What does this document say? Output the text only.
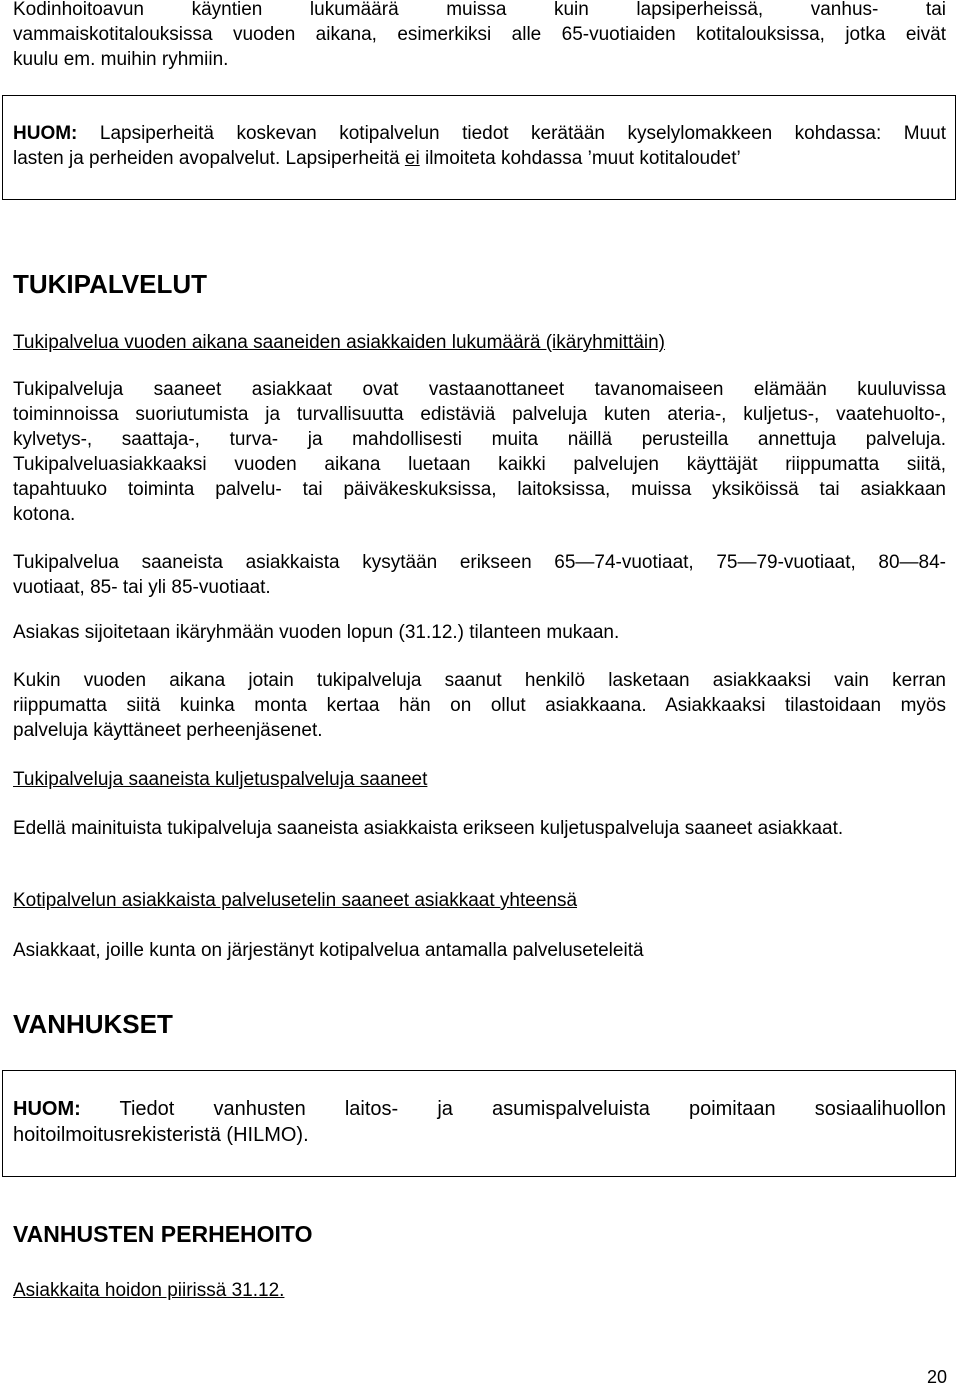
Kodinhoitoavun käyntien lukumäärä muissa kuin lapsiperheissä, vanhus- tai

vammaiskotitalouksissa vuoden aikana, esimerkiksi alle 65-vuotiaiden kotitalouksissa, jotka eivät

kuulu em. muihin ryhmiin.

HUOM: Lapsiperheitä koskevan kotipalvelun tiedot kerätään kyselylomakkeen kohdassa: Muut

lasten ja perheiden avopalvelut. Lapsiperheitä ei ilmoiteta kohdassa ’muut kotitaloudet’

TUKIPALVELUT

Tukipalvelua vuoden aikana saaneiden asiakkaiden lukumäärä (ikäryhmittäin)

Tukipalveluja saaneet asiakkaat ovat vastaanottaneet tavanomaiseen elämään kuuluvissa

toiminnoissa suoriutumista ja turvallisuutta edistäviä palveluja kuten ateria-, kuljetus-, vaatehuolto-,

kylvetys-, saattaja-, turva- ja mahdollisesti muita näillä perusteilla annettuja palveluja.

Tukipalveluasiakkaaksi vuoden aikana luetaan kaikki palvelujen käyttäjät riippumatta siitä,

tapahtuuko toiminta palvelu- tai päiväkeskuksissa, laitoksissa, muissa yksiköissä tai asiakkaan

kotona.

Tukipalvelua saaneista asiakkaista kysytään erikseen 65—74-vuotiaat, 75—79-vuotiaat, 80—84-

vuotiaat, 85- tai yli 85-vuotiaat.

Asiakas sijoitetaan ikäryhmään vuoden lopun (31.12.) tilanteen mukaan.

Kukin vuoden aikana jotain tukipalveluja saanut henkilö lasketaan asiakkaaksi vain kerran

riippumatta siitä kuinka monta kertaa hän on ollut asiakkaana. Asiakkaaksi tilastoidaan myös

palveluja käyttäneet perheenjäsenet.

Tukipalveluja saaneista kuljetuspalveluja saaneet

Edellä mainituista tukipalveluja saaneista asiakkaista erikseen kuljetuspalveluja saaneet asiakkaat.

Kotipalvelun asiakkaista palvelusetelin saaneet asiakkaat yhteensä

Asiakkaat, joille kunta on järjestänyt kotipalvelua antamalla palveluseteleitä

VANHUKSET

HUOM: Tiedot vanhusten laitos- ja asumispalveluista poimitaan sosiaalihuollon

hoitoilmoitusrekisteristä (HILMO).

VANHUSTEN PERHEHOITO

Asiakkaita hoidon piirissä 31.12.

20
